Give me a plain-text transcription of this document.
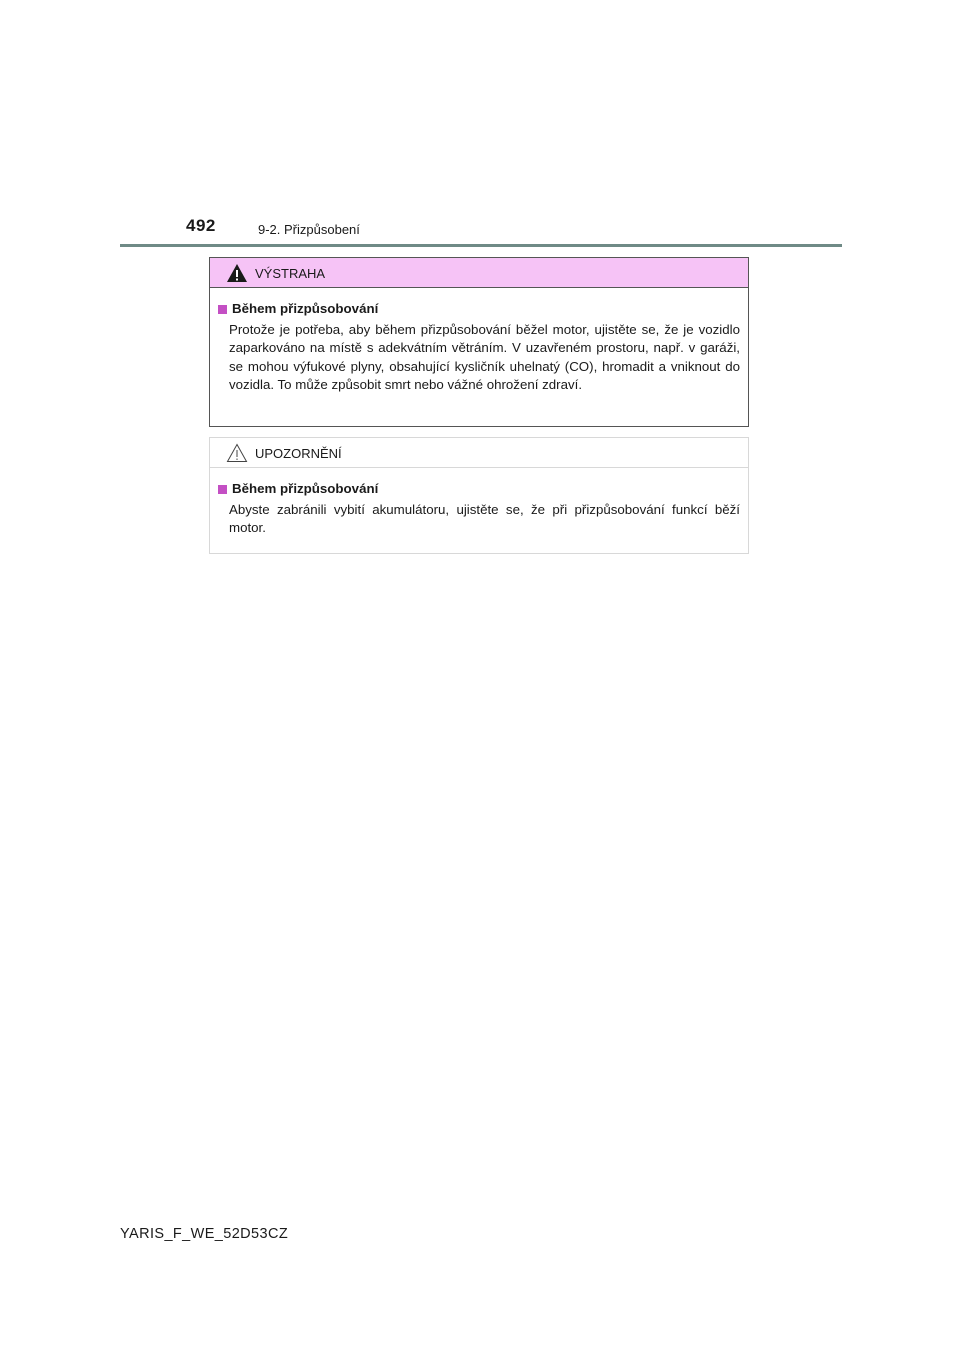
492	9-2. Přizpůsobení
VÝSTRAHA
Během přizpůsobování
Protože je potřeba, aby během přizpůsobování běžel motor, ujistěte se, že je vozidlo zaparkováno na místě s adekvátním větráním. V uzavřeném prostoru, např. v garáži, se mohou výfukové plyny, obsahující kysličník uhelnatý (CO), hromadit a vniknout do vozidla. To může způsobit smrt nebo vážné ohrožení zdraví.
UPOZORNĚNÍ
Během přizpůsobování
Abyste zabránili vybití akumulátoru, ujistěte se, že při přizpůsobování funkcí běží motor.
YARIS_F_WE_52D53CZ
